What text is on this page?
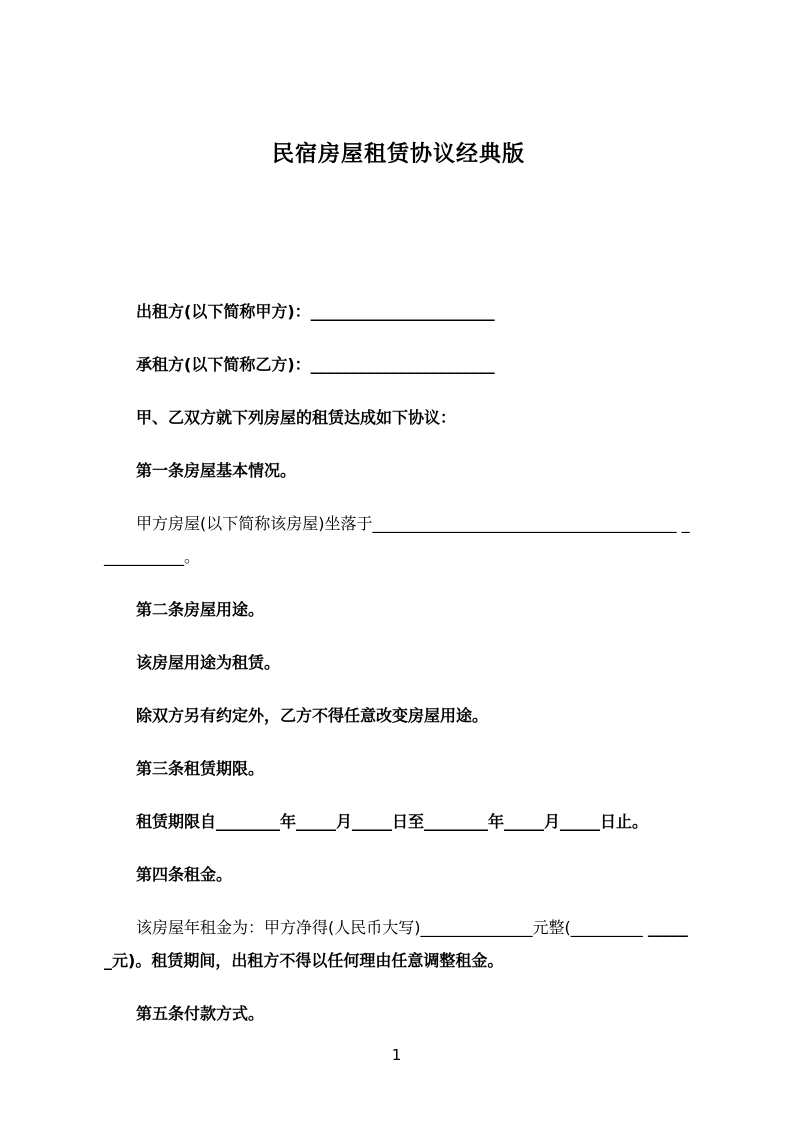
民宿房屋租赁协议经典版

出租方(以下简称甲方)：_______________________

承租方(以下简称乙方)：_______________________

甲、乙双方就下列房屋的租赁达成如下协议：

第一条房屋基本情况。

甲方房屋(以下简称该房屋)坐落于______________________________________ ___________。

第二条房屋用途。

该房屋用途为租赁。

除双方另有约定外，乙方不得任意改变房屋用途。

第三条租赁期限。

租赁期限自________年_____月_____日至________年_____月_____日止。

第四条租金。

该房屋年租金为：甲方净得(人民币大写)______________元整(_________ ______元)。租赁期间，出租方不得以任何理由任意调整租金。

第五条付款方式。

1
